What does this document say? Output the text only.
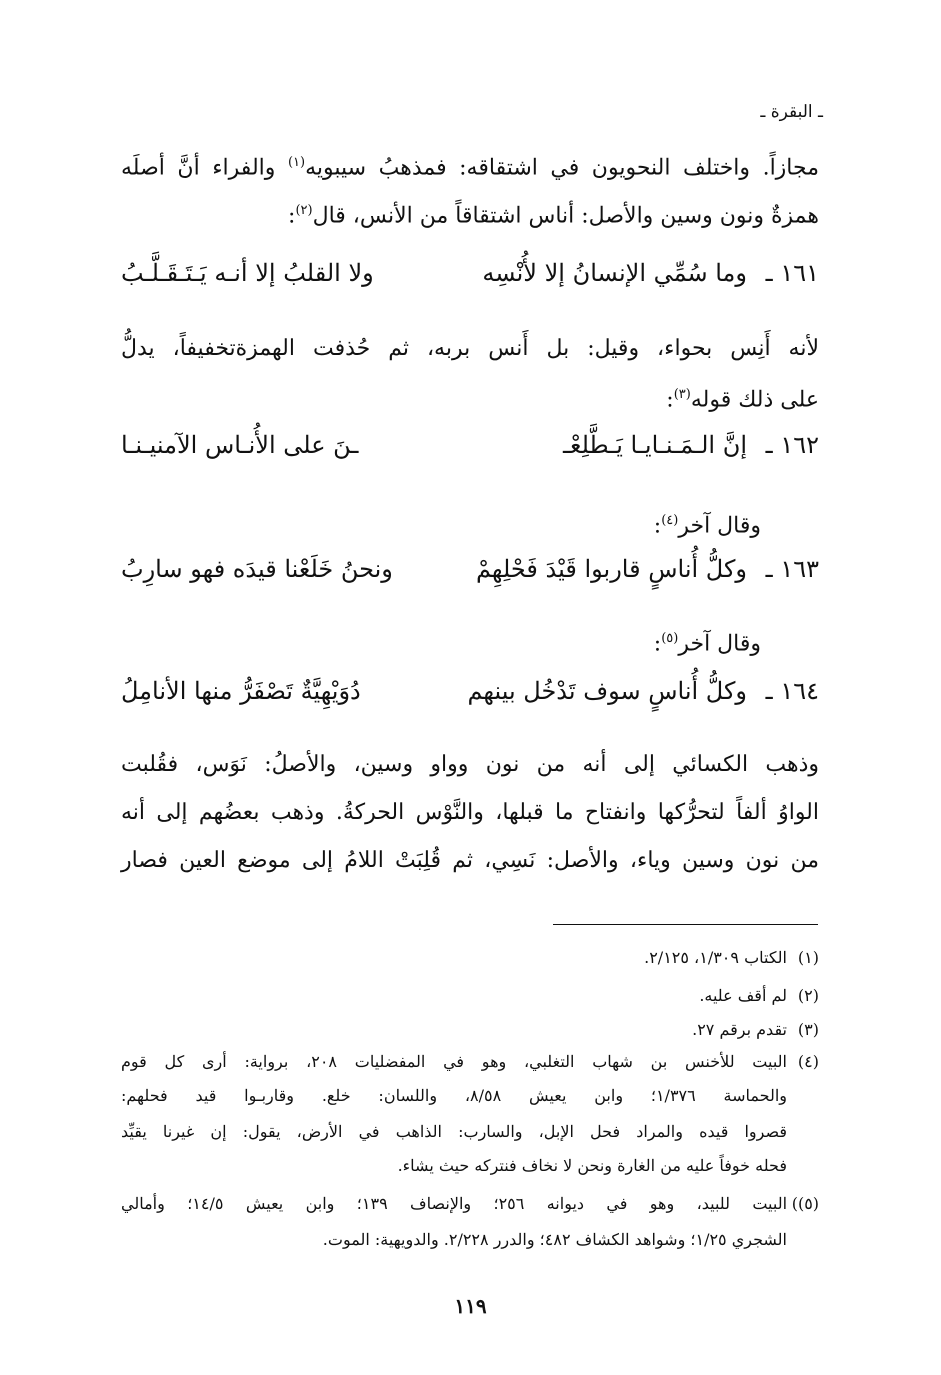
ـ البقرة ـ
مجازاً. واختلف النحويون في اشتقاقه: فمذهبُ سيبويه$^{(١)}$ والفراء أنَّ أصلَه
همزةٌ ونون وسين والأصل: أناس اشتقاقاً من الأنس، قال$^{(٢)}$:
١٦١ ـ
وما سُمِّي الإنسانُ إلا لأُنْسِه
ولا القلبُ إلا أنـه يَـتَـقَـلَّـبُ
لأنه أَنِس بحواء، وقيل: بل أَنس بربه، ثم حُذفت الهمزةتخفيفاً، يدلُّ
على ذلك قوله$^{(٣)}$:
١٦٢ ـ
إنَّ الـمَـنـايـا يَـطَّلِعْـ
ـنَ على الأُنـاس الآمنيـنـا
وقال آخر$^{(٤)}$:
١٦٣ ـ
وكلُّ أُناسٍ قاربوا قَيْدَ فَحْلِهِمْ
ونحنُ خَلَعْنا قيدَه فهو سارِبُ
وقال آخر$^{(٥)}$:
١٦٤ ـ
وكلُّ أُناسٍ سوف تَدْخُل بينهم
دُوَيْهِيَّةٌ تَصْفَرُّ منها الأنامِلُ
وذهب الكسائي إلى أنه من نون وواو وسين، والأصلُ: نَوَس، فقُلبت
الواوُ ألفاً لتحرُّكها وانفتاح ما قبلها، والنَّوْس الحركةُ. وذهب بعضُهم إلى أنه
من نون وسين وياء، والأصل: نَسِي، ثم قُلِبَتْ اللامُ إلى موضع العين فصار
(١)الكتاب ١/٣٠٩، ٢/١٢٥.
(٢)لم أقف عليه.
(٣)تقدم برقم ٢٧.
(٤)البيت للأخنس بن شهاب التغلبي، وهو في المفضليات ٢٠٨، برواية: أرى كل قوم
والحماسة ١/٣٧٦؛ وابن يعيش ٨/٥٨، واللسان: خلع. وقاربـوا قيد فحلهم:
قصروا قيده والمراد فحل الإبل، والسارب: الذاهب في الأرض، يقول: إن غيرنا يقيِّد
فحله خوفاً عليه من الغارة ونحن لا نخاف فنتركه حيث يشاء.
(٥))البيت للبيد، وهو في ديوانه ٢٥٦؛ والإنصاف ١٣٩؛ وابن يعيش ١٤/٥؛ وأمالي
الشجري ١/٢٥؛ وشواهد الكشاف ٤٨٢؛ والدرر ٢/٢٢٨. والدويهية: الموت.
١١٩
